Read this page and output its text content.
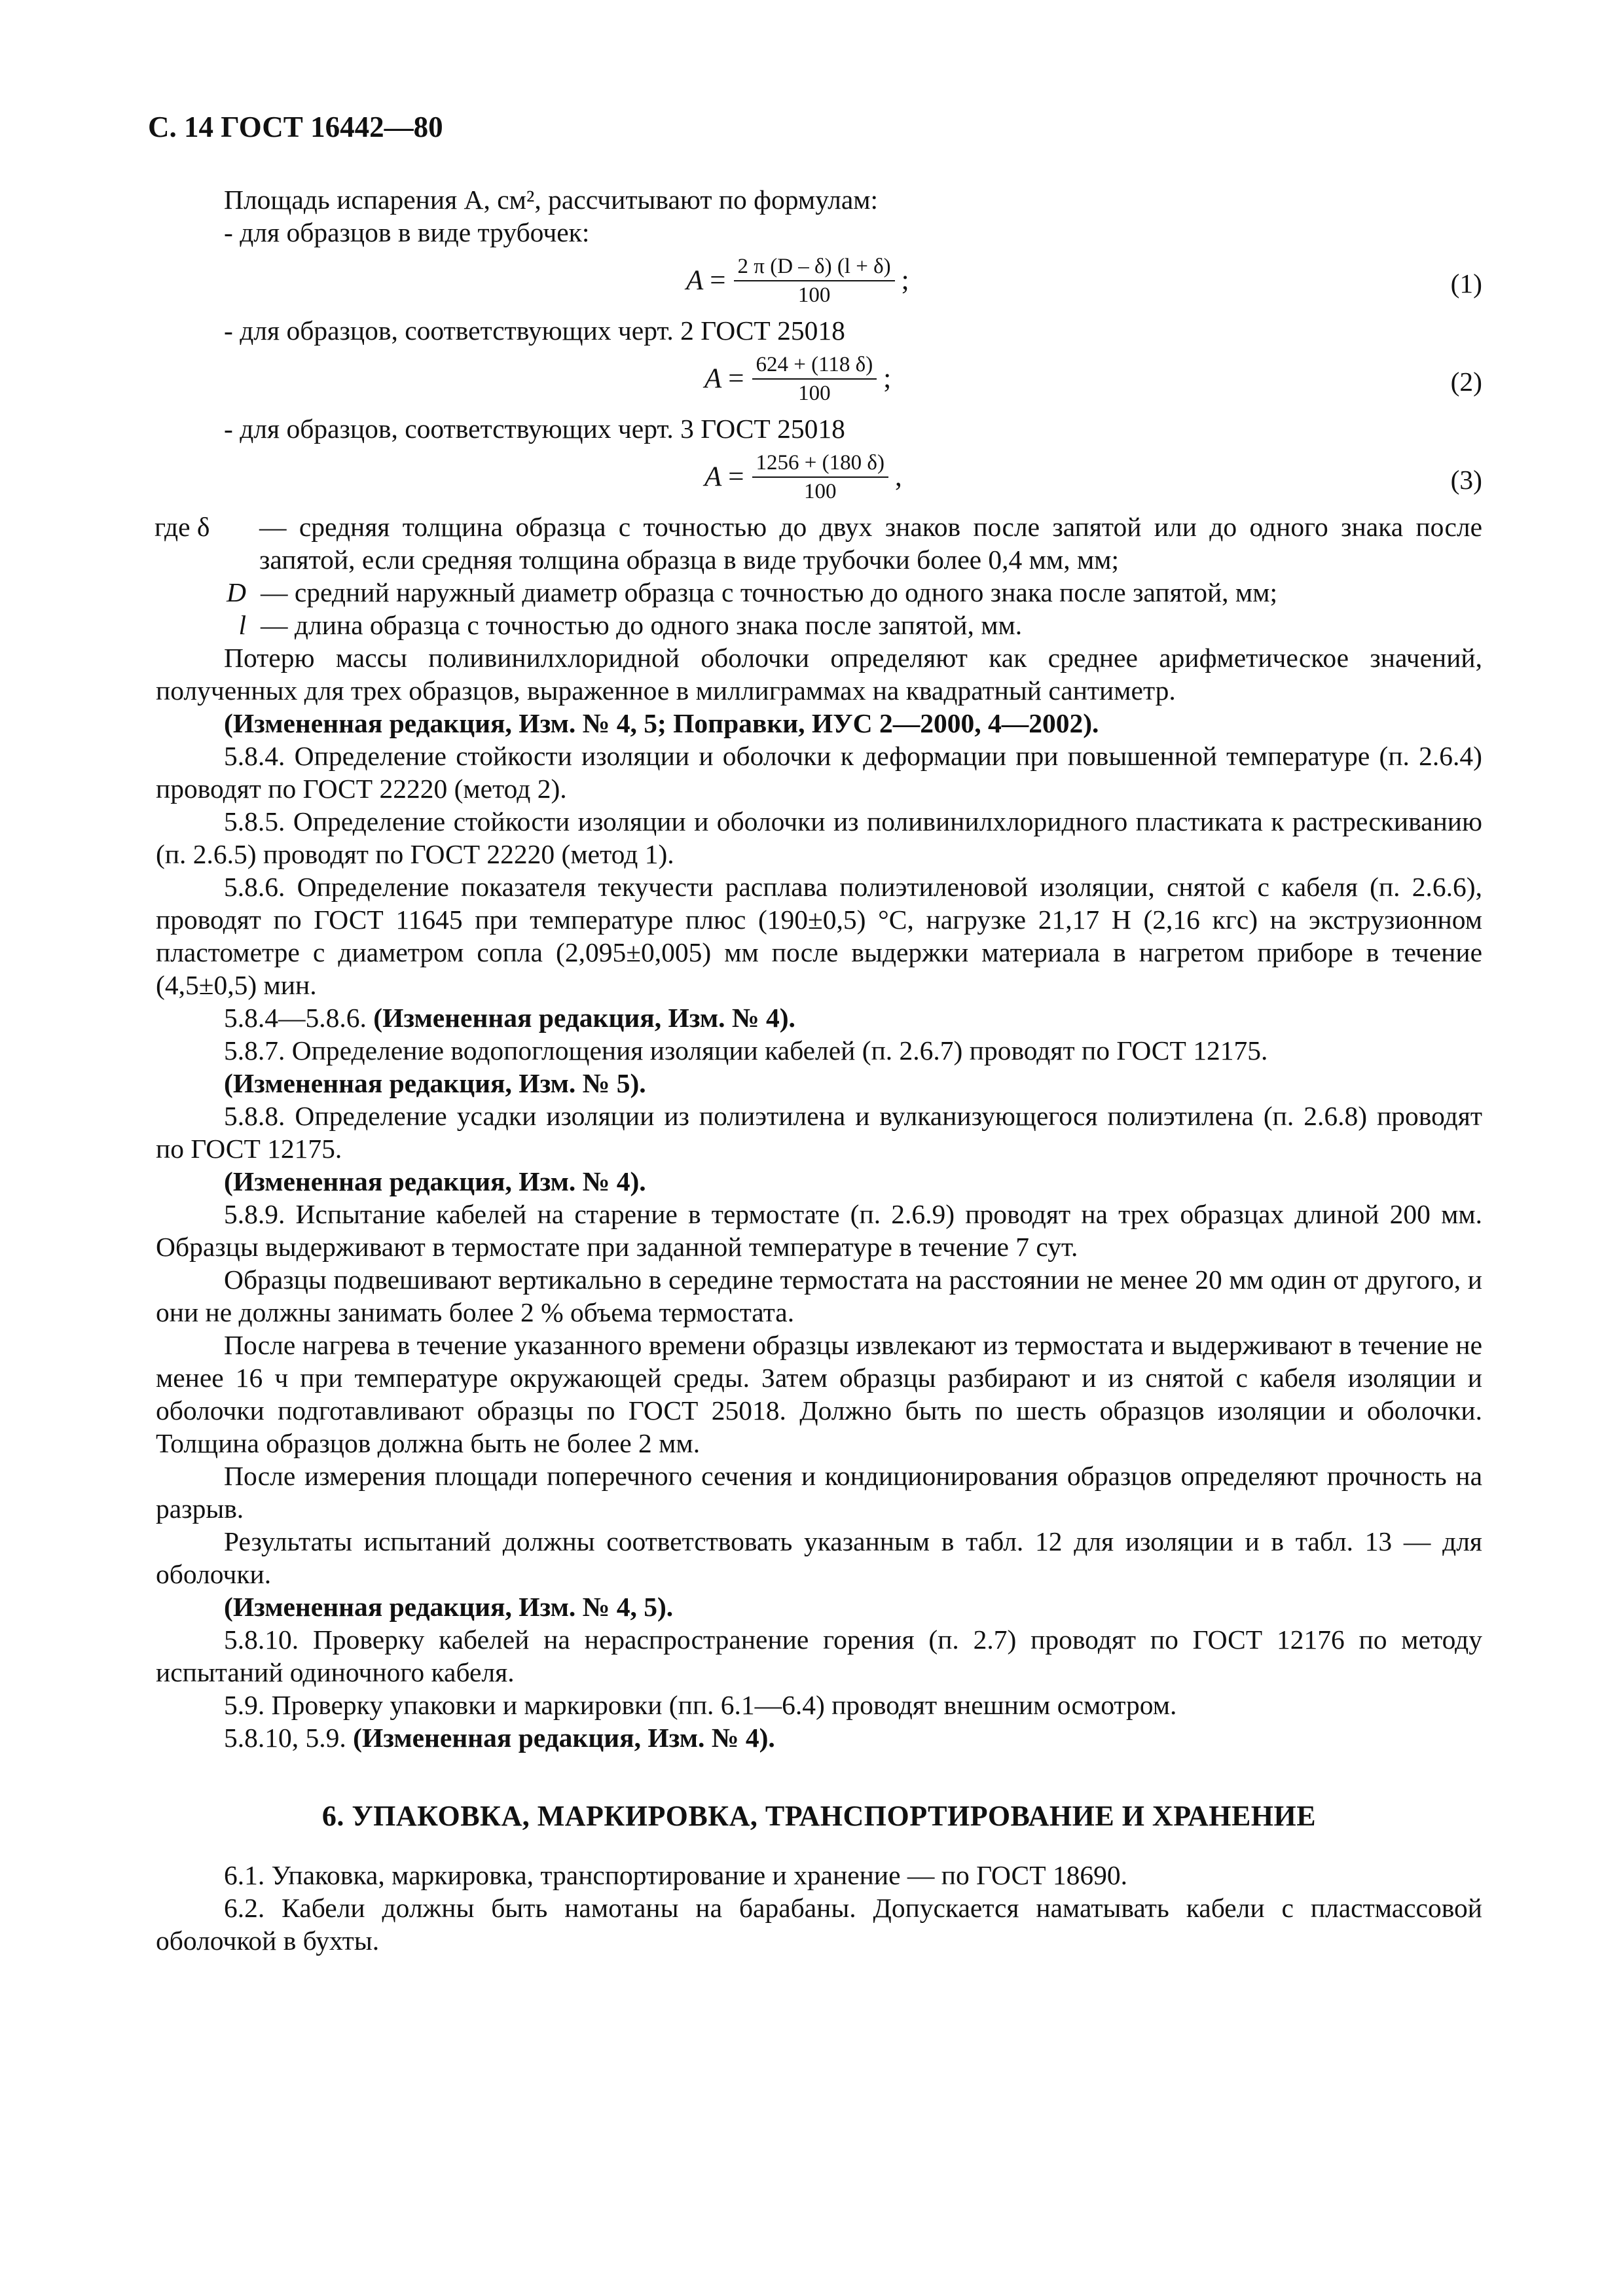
С. 14 ГОСТ 16442—80

Площадь испарения A, см², рассчитывают по формулам:

- для образцов в виде трубочек:

$A = \frac{2 \pi (D - \delta) (l + \delta)}{100}$ ;	(1)

- для образцов, соответствующих черт. 2 ГОСТ 25018

$A = \frac{624 + (118 \delta)}{100}$ ;	(2)

- для образцов, соответствующих черт. 3 ГОСТ 25018

$A = \frac{1256 + (180 \delta)}{100}$ ,	(3)
где δ	— средняя толщина образца с точностью до двух знаков после запятой или до одного знака после запятой, если средняя толщина образца в виде трубочки более 0,4 мм, мм;
D — средний наружный диаметр образца с точностью до одного знака после запятой, мм;
l — длина образца с точностью до одного знака после запятой, мм.

Потерю массы поливинилхлоридной оболочки определяют как среднее арифметическое значений, полученных для трех образцов, выраженное в миллиграммах на квадратный сантиметр.

(Измененная редакция, Изм. № 4, 5; Поправки, ИУС 2—2000, 4—2002).

5.8.4. Определение стойкости изоляции и оболочки к деформации при повышенной температуре (п. 2.6.4) проводят по ГОСТ 22220 (метод 2).

5.8.5. Определение стойкости изоляции и оболочки из поливинилхлоридного пластиката к растрескиванию (п. 2.6.5) проводят по ГОСТ 22220 (метод 1).

5.8.6. Определение показателя текучести расплава полиэтиленовой изоляции, снятой с кабеля (п. 2.6.6), проводят по ГОСТ 11645 при температуре плюс (190±0,5) °С, нагрузке 21,17 Н (2,16 кгс) на экструзионном пластометре с диаметром сопла (2,095±0,005) мм после выдержки материала в нагретом приборе в течение (4,5±0,5) мин.

5.8.4—5.8.6. (Измененная редакция, Изм. № 4).

5.8.7. Определение водопоглощения изоляции кабелей (п. 2.6.7) проводят по ГОСТ 12175.

(Измененная редакция, Изм. № 5).

5.8.8. Определение усадки изоляции из полиэтилена и вулканизующегося полиэтилена (п. 2.6.8) проводят по ГОСТ 12175.

(Измененная редакция, Изм. № 4).

5.8.9. Испытание кабелей на старение в термостате (п. 2.6.9) проводят на трех образцах длиной 200 мм. Образцы выдерживают в термостате при заданной температуре в течение 7 сут.

Образцы подвешивают вертикально в середине термостата на расстоянии не менее 20 мм один от другого, и они не должны занимать более 2 % объема термостата.

После нагрева в течение указанного времени образцы извлекают из термостата и выдерживают в течение не менее 16 ч при температуре окружающей среды. Затем образцы разбирают и из снятой с кабеля изоляции и оболочки подготавливают образцы по ГОСТ 25018. Должно быть по шесть образцов изоляции и оболочки. Толщина образцов должна быть не более 2 мм.

После измерения площади поперечного сечения и кондиционирования образцов определяют прочность на разрыв.

Результаты испытаний должны соответствовать указанным в табл. 12 для изоляции и в табл. 13 — для оболочки.

(Измененная редакция, Изм. № 4, 5).

5.8.10. Проверку кабелей на нераспространение горения (п. 2.7) проводят по ГОСТ 12176 по методу испытаний одиночного кабеля.

5.9. Проверку упаковки и маркировки (пп. 6.1—6.4) проводят внешним осмотром.

5.8.10, 5.9. (Измененная редакция, Изм. № 4).

6. УПАКОВКА, МАРКИРОВКА, ТРАНСПОРТИРОВАНИЕ И ХРАНЕНИЕ

6.1. Упаковка, маркировка, транспортирование и хранение — по ГОСТ 18690.

6.2. Кабели должны быть намотаны на барабаны. Допускается наматывать кабели с пластмассовой оболочкой в бухты.
